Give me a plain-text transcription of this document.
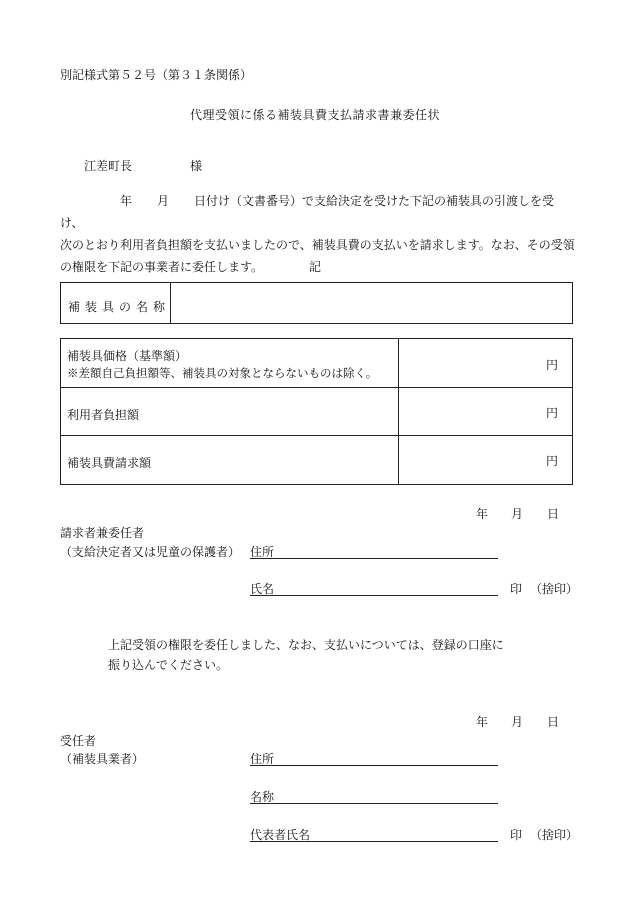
別記様式第５２号（第３１条関係）
代理受領に係る補装具費支払請求書兼委任状
江差町長	様
年 月 日付け（文書番号）で支給決定を受けた下記の補装具の引渡しを受け、
次のとおり利用者負担額を支払いましたので、補装具費の支払いを請求します。なお、その受領
の権限を下記の事業者に委任します。	記
補装具の名称
補装具価格（基準額）
※差額自己負担額等、補装具の対象とならないものは除く。
円
利用者負担額	円
補装具費請求額	円
年 月 日
請求者兼委任者
（支給決定者又は児童の保護者） 住所
氏名	印 （捨印）
上記受領の権限を委任しました、なお、支払いについては、登録の口座に
振り込んでください。
年 月 日
受任者
（補装具業者）	住所
名称
代表者氏名	印 （捨印）
